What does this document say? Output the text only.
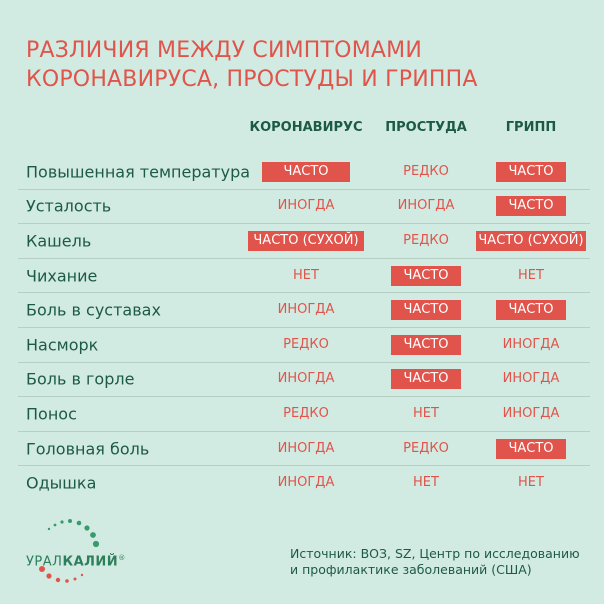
РАЗЛИЧИЯ МЕЖДУ СИМПТОМАМИ
КОРОНАВИРУСА, ПРОСТУДЫ И ГРИППА
КОРОНАВИРУС ПРОСТУДА	ГРИПП
Повышенная температура	ЧАСТО	РЕДКО	ЧАСТО
Усталость	ИНОГДА	ИНОГДА	ЧАСТО
Кашель	ЧАСТО (СУХОЙ)	РЕДКО ЧАСТО (СУХОЙ)
Чихание	НЕТ	ЧАСТО	НЕТ
Боль в суставах	ИНОГДА	ЧАСТО	ЧАСТО
Насморк	РЕДКО	ЧАСТО	ИНОГДА
Боль в горле	ИНОГДА	ЧАСТО	ИНОГДА
Понос	РЕДКО	НЕТ	ИНОГДА
Головная боль	ИНОГДА	РЕДКО	ЧАСТО
Одышка	ИНОГДА	НЕТ	НЕТ
УРАЛКАЛИЙ®	Источник: ВОЗ, SZ, Центр по исследованию
и профилактике заболеваний (США)
